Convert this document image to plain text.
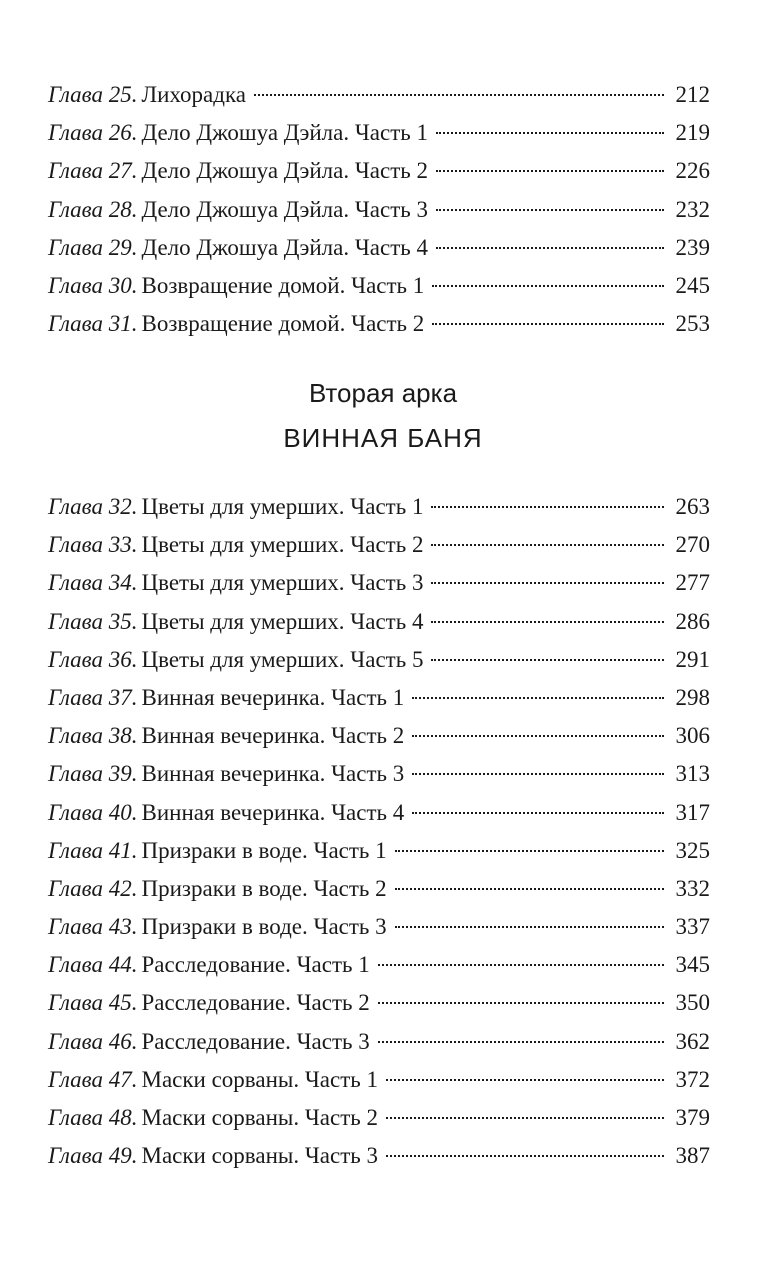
Глава 25. Лихорадка	212
Глава 26. Дело Джошуа Дэйла. Часть 1	219
Глава 27. Дело Джошуа Дэйла. Часть 2	226
Глава 28. Дело Джошуа Дэйла. Часть 3	232
Глава 29. Дело Джошуа Дэйла. Часть 4	239
Глава 30. Возвращение домой. Часть 1	245
Глава 31. Возвращение домой. Часть 2	253
Вторая арка
ВИННАЯ БАНЯ
Глава 32. Цветы для умерших. Часть 1	263
Глава 33. Цветы для умерших. Часть 2	270
Глава 34. Цветы для умерших. Часть 3	277
Глава 35. Цветы для умерших. Часть 4	286
Глава 36. Цветы для умерших. Часть 5	291
Глава 37. Винная вечеринка. Часть 1	298
Глава 38. Винная вечеринка. Часть 2	306
Глава 39. Винная вечеринка. Часть 3	313
Глава 40. Винная вечеринка. Часть 4	317
Глава 41. Призраки в воде. Часть 1	325
Глава 42. Призраки в воде. Часть 2	332
Глава 43. Призраки в воде. Часть 3	337
Глава 44. Расследование. Часть 1	345
Глава 45. Расследование. Часть 2	350
Глава 46. Расследование. Часть 3	362
Глава 47. Маски сорваны. Часть 1	372
Глава 48. Маски сорваны. Часть 2	379
Глава 49. Маски сорваны. Часть 3	387
